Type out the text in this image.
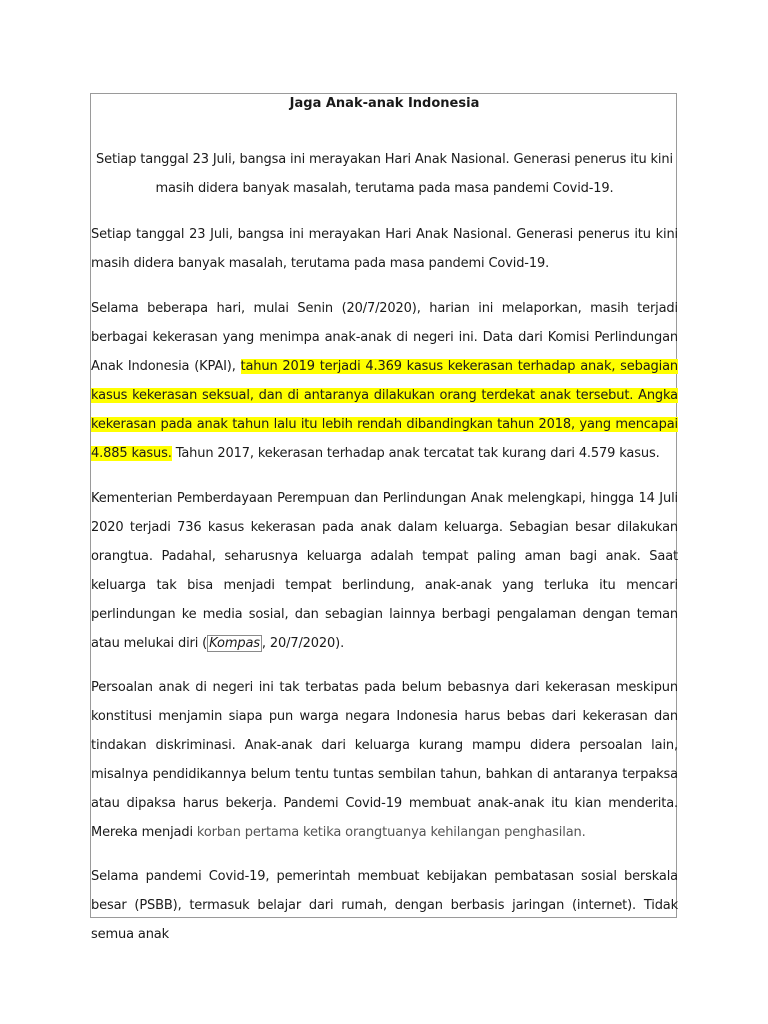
Jaga Anak-anak Indonesia

Setiap tanggal 23 Juli, bangsa ini merayakan Hari Anak Nasional. Generasi penerus itu kini masih didera banyak masalah, terutama pada masa pandemi Covid-19.

Setiap tanggal 23 Juli, bangsa ini merayakan Hari Anak Nasional. Generasi penerus itu kini masih didera banyak masalah, terutama pada masa pandemi Covid-19.

Selama beberapa hari, mulai Senin (20/7/2020), harian ini melaporkan, masih terjadi berbagai kekerasan yang menimpa anak-anak di negeri ini. Data dari Komisi Perlindungan Anak Indonesia (KPAI), tahun 2019 terjadi 4.369 kasus kekerasan terhadap anak, sebagian kasus kekerasan seksual, dan di antaranya dilakukan orang terdekat anak tersebut. Angka kekerasan pada anak tahun lalu itu lebih rendah dibandingkan tahun 2018, yang mencapai 4.885 kasus. Tahun 2017, kekerasan terhadap anak tercatat tak kurang dari 4.579 kasus.

Kementerian Pemberdayaan Perempuan dan Perlindungan Anak melengkapi, hingga 14 Juli 2020 terjadi 736 kasus kekerasan pada anak dalam keluarga. Sebagian besar dilakukan orangtua. Padahal, seharusnya keluarga adalah tempat paling aman bagi anak. Saat keluarga tak bisa menjadi tempat berlindung, anak-anak yang terluka itu mencari perlindungan ke media sosial, dan sebagian lainnya berbagi pengalaman dengan teman atau melukai diri ( Kompas , 20/7/2020).

Persoalan anak di negeri ini tak terbatas pada belum bebasnya dari kekerasan meskipun konstitusi menjamin siapa pun warga negara Indonesia harus bebas dari kekerasan dan tindakan diskriminasi. Anak-anak dari keluarga kurang mampu didera persoalan lain, misalnya pendidikannya belum tentu tuntas sembilan tahun, bahkan di antaranya terpaksa atau dipaksa harus bekerja. Pandemi Covid-19 membuat anak-anak itu kian menderita. Mereka menjadi korban pertama ketika orangtuanya kehilangan penghasilan.

Selama pandemi Covid-19, pemerintah membuat kebijakan pembatasan sosial berskala besar (PSBB), termasuk belajar dari rumah, dengan berbasis jaringan (internet). Tidak semua anak
